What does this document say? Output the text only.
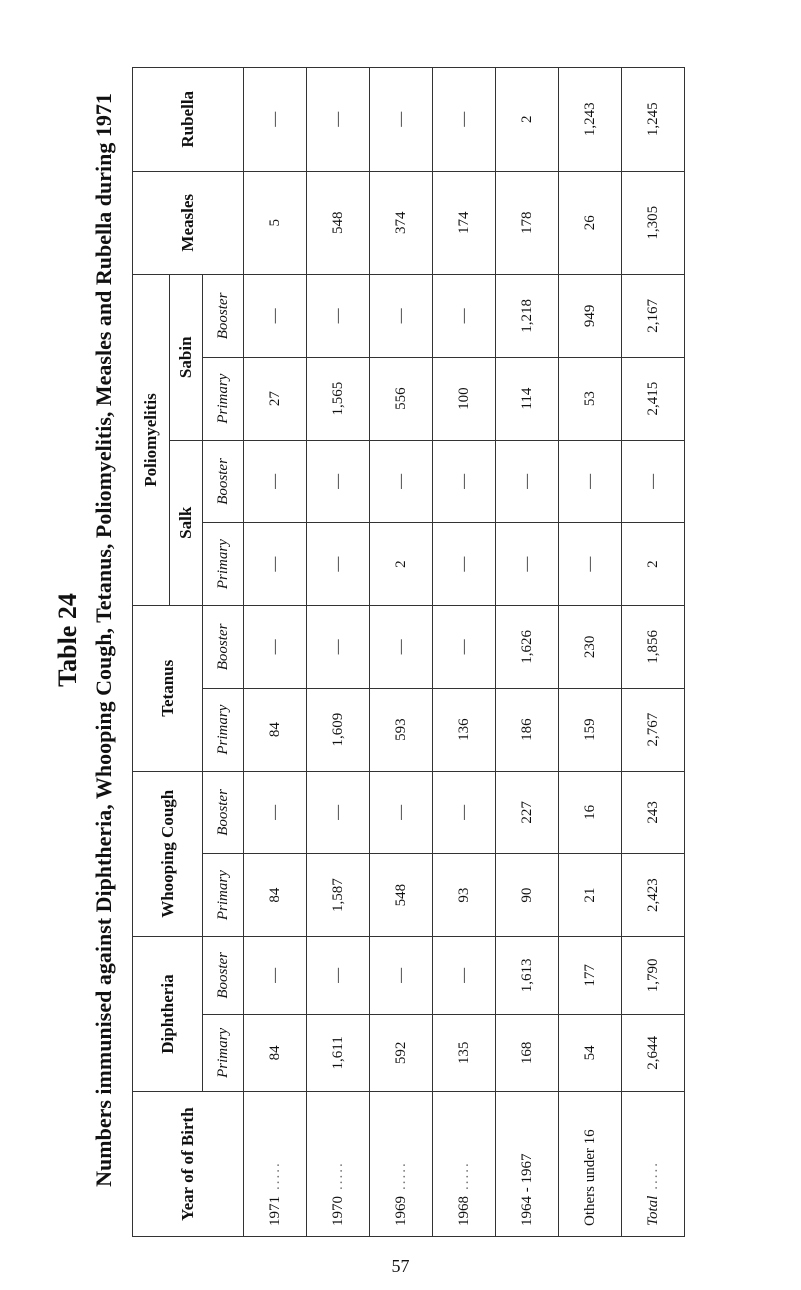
Table 24 Numbers immunised against Diphtheria, Whooping Cough, Tetanus, Poliomyelitis, Measles and Rubella during 1971	Year of of Birth	Diphtheria		Whooping Cough		Tetanus		Poliomyelitis				Measles	Rubella
							Salk		Sabin			
	Primary	Booster	Primary	Booster	Primary	Booster	Primary	Booster	Primary	Booster		
1971.....	84	—	84	—	84	—	—	—	27	—	5	—
1970.....	1,611	—	1,587	—	1,609	—	—	—	1,565	—	548	—
1969.....	592	—	548	—	593	—	2	—	556	—	374	—
1968.....	135	—	93	—	136	—	—	—	100	—	174	—
1964 - 1967	168	1,613	90	227	186	1,626	—	—	114	1,218	178	2
Others under 16	54	177	21	16	159	230	—	—	53	949	26	1,243
Total.....	2,644	1,790	2,423	243	2,767	1,856	2	—	2,415	2,167	1,305	1,245
57
